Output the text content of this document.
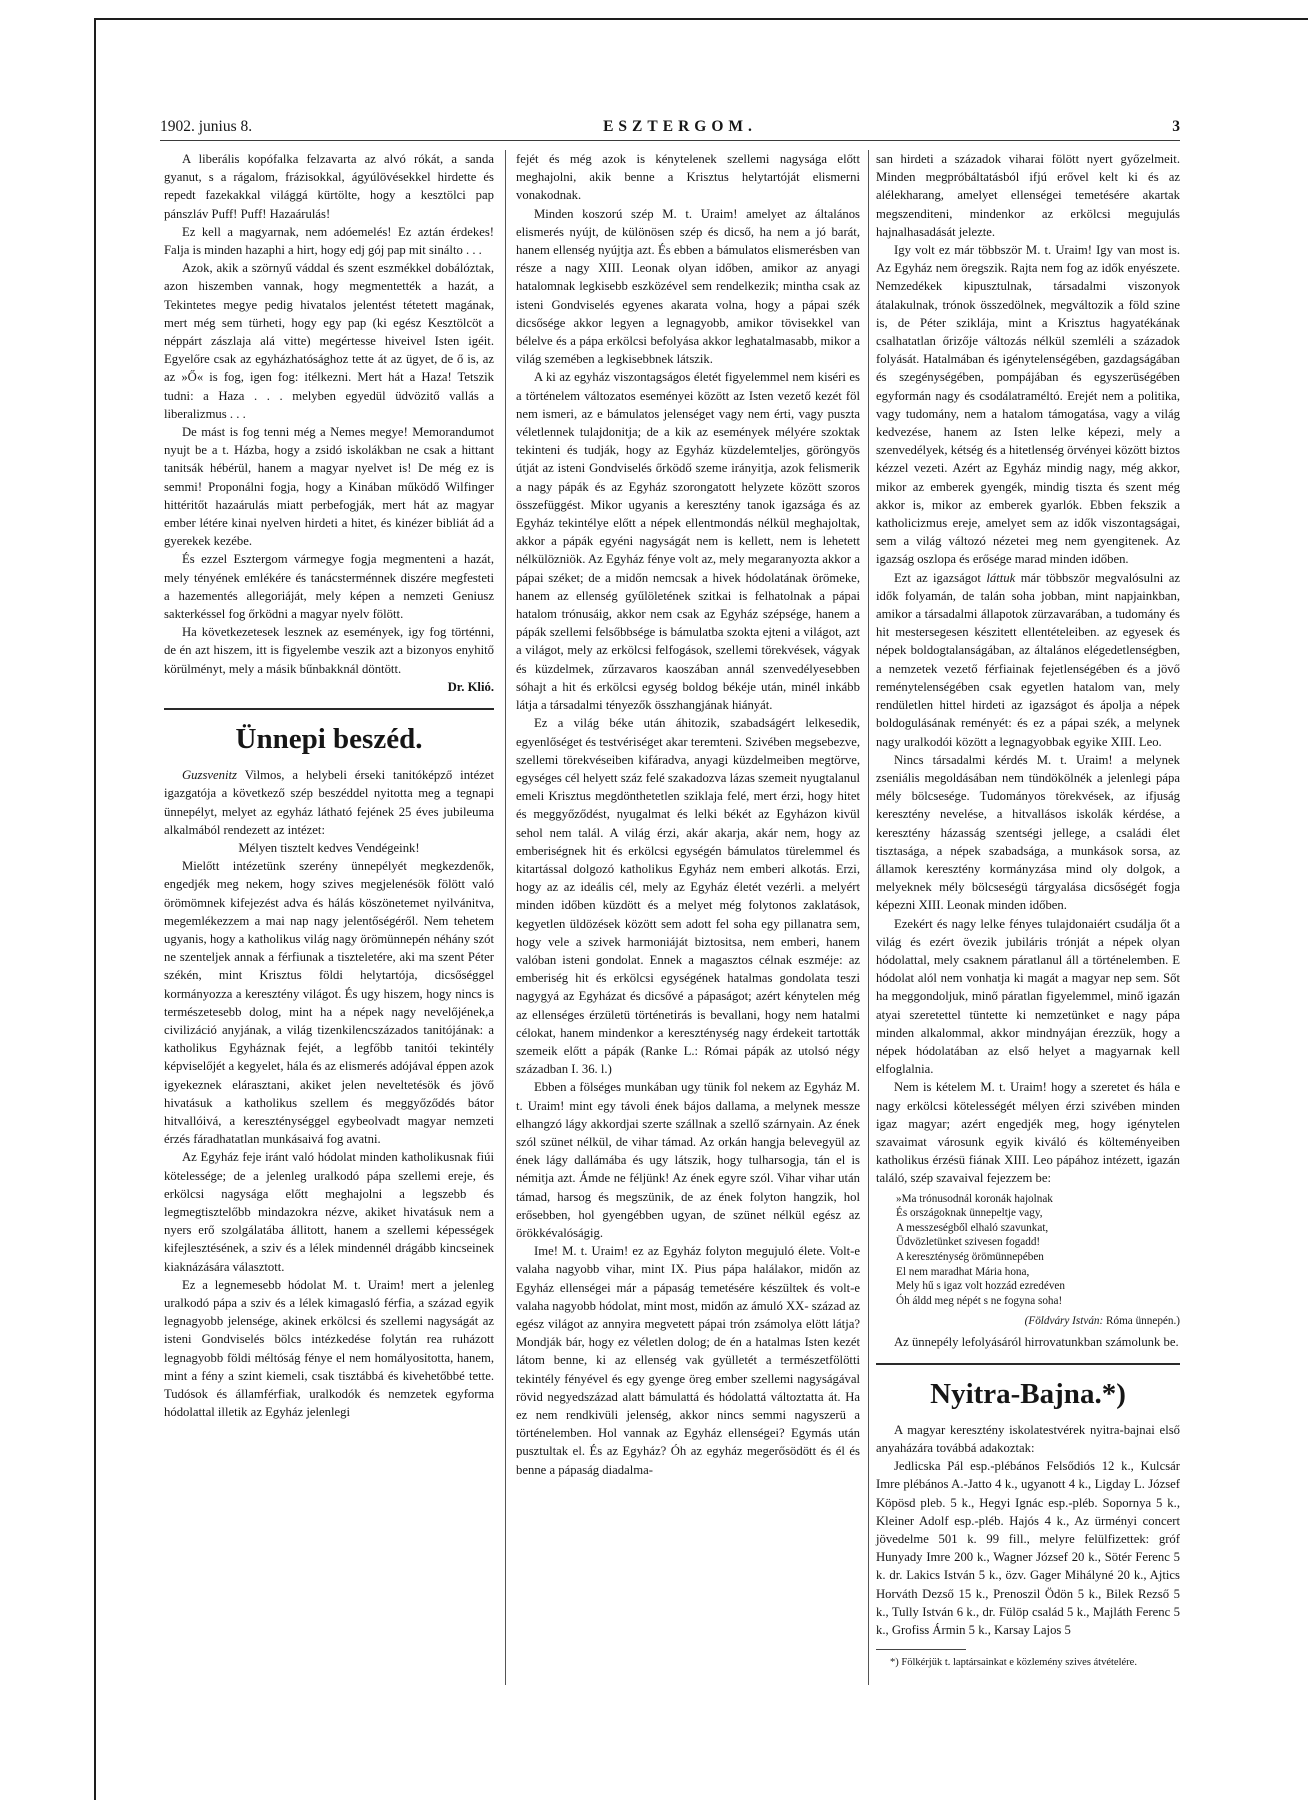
1902. junius 8.	ESZTERGOM.	3

A liberális kopófalka felzavarta az alvó rókát, a sanda gyanut, s a rágalom, frázisokkal, ágyúlövésekkel hirdette és repedt fazekakkal világgá kürtölte, hogy a kesztölci pap pánszláv Puff! Puff! Hazaárulás!

Ez kell a magyarnak, nem adóemelés! Ez aztán érdekes! Falja is minden hazaphi a hirt, hogy edj gój pap mit sinálto . . .

Azok, akik a szörnyű váddal és szent eszmékkel dobálóztak, azon hiszemben vannak, hogy megmentették a hazát, a Tekintetes megye pedig hivatalos jelentést tétetett magának, mert még sem türheti, hogy egy pap (ki egész Kesztölcöt a néppárt zászlaja alá vitte) megértesse hiveivel Isten igéit. Egyelőre csak az egyházhatósághoz tette át az ügyet, de ő is, az az »Ő« is fog, igen fog: itélkezni. Mert hát a Haza! Tetszik tudni: a Haza . . . melyben egyedül üdvözitő vallás a liberalizmus . . .

De mást is fog tenni még a Nemes megye! Memorandumot nyujt be a t. Házba, hogy a zsidó iskolákban ne csak a hittant tanitsák hébérül, hanem a magyar nyelvet is! De még ez is semmi! Proponálni fogja, hogy a Kinában működő Wilfinger hittéritőt hazaárulás miatt perbefogják, mert hát az magyar ember létére kinai nyelven hirdeti a hitet, és kinézer bibliát ád a gyerekek kezébe.

És ezzel Esztergom vármegye fogja megmenteni a hazát, mely tényének emlékére és tanácsterménnek diszére megfesteti a hazementés allegoriáját, mely képen a nemzeti Geniusz sakterkéssel fog őrködni a magyar nyelv fölött.

Ha következetesek lesznek az események, igy fog történni, de én azt hiszem, itt is figyelembe veszik azt a bizonyos enyhitő körülményt, mely a másik bűnbakknál döntött.

Dr. Klió.

Ünnepi beszéd.

Guzsvenitz Vilmos, a helybeli érseki tanitóképző intézet igazgatója a következő szép beszéddel nyitotta meg a tegnapi ünnepélyt, melyet az egyház látható fejének 25 éves jubileuma alkalmából rendezett az intézet:

Mélyen tisztelt kedves Vendégeink!

Mielőtt intézetünk szerény ünnepélyét megkezdenők, engedjék meg nekem, hogy szives megjelenésök fölött való örömömnek kifejezést adva és hálás köszönetemet nyilvánitva, megemlékezzem a mai nap nagy jelentőségéről. Nem tehetem ugyanis, hogy a katholikus világ nagy örömünnepén néhány szót ne szenteljek annak a férfiunak a tiszteletére, aki ma szent Péter székén, mint Krisztus földi helytartója, dicsőséggel kormányozza a keresztény világot. És ugy hiszem, hogy nincs is természetesebb dolog, mint ha a népek nagy nevelőjének,a civilizáció anyjának, a világ tizenkilencszázados tanitójának: a katholikus Egyháznak fejét, a legfőbb tanitói tekintély képviselőjét a kegyelet, hála és az elismerés adójával éppen azok igyekeznek elárasztani, akiket jelen neveltetésök és jövő hivatásuk a katholikus szellem és meggyőződés bátor hitvallóivá, a kereszténységgel egybeolvadt magyar nemzeti érzés fáradhatatlan munkásaivá fog avatni.

Az Egyház feje iránt való hódolat minden katholikusnak fiúi kötelessége; de a jelenleg uralkodó pápa szellemi ereje, és erkölcsi nagysága előtt meghajolni a legszebb és legmegtisztelőbb mindazokra nézve, akiket hivatásuk nem a nyers erő szolgálatába állitott, hanem a szellemi képességek kifejlesztésének, a sziv és a lélek mindennél drágább kincseinek kiaknázására választott.

Ez a legnemesebb hódolat M. t. Uraim! mert a jelenleg uralkodó pápa a sziv és a lélek kimagasló férfia, a század egyik legnagyobb jelensége, akinek erkölcsi és szellemi nagyságát az isteni Gondviselés bölcs intézkedése folytán rea ruházott legnagyobb földi méltóság fénye el nem homályositotta, hanem, mint a fény a szint kiemeli, csak tisztábbá és kivehetőbbé tette. Tudósok és államférfiak, uralkodók és nemzetek egyforma hódolattal illetik az Egyház jelenlegi

fejét és még azok is kénytelenek szellemi nagysága előtt meghajolni, akik benne a Krisztus helytartóját elismerni vonakodnak.

Minden koszorú szép M. t. Uraim! amelyet az általános elismerés nyújt, de különösen szép és dicső, ha nem a jó barát, hanem ellenség nyújtja azt. És ebben a bámulatos elismerésben van része a nagy XIII. Leonak olyan időben, amikor az anyagi hatalomnak legkisebb eszközével sem rendelkezik; mintha csak az isteni Gondviselés egyenes akarata volna, hogy a pápai szék dicsősége akkor legyen a legnagyobb, amikor tövisekkel van bélelve és a pápa erkölcsi befolyása akkor leghatalmasabb, mikor a világ szemében a legkisebbnek látszik.

A ki az egyház viszontagságos életét figyelemmel nem kiséri es a történelem változatos eseményei között az Isten vezető kezét föl nem ismeri, az e bámulatos jelenséget vagy nem érti, vagy puszta véletlennek tulajdonitja; de a kik az események mélyére szoktak tekinteni és tudják, hogy az Egyház küzdelemteljes, göröngyös útját az isteni Gondviselés őrködő szeme irányitja, azok felismerik a nagy pápák és az Egyház szorongatott helyzete között szoros összefüggést. Mikor ugyanis a keresztény tanok igazsága és az Egyház tekintélye előtt a népek ellentmondás nélkül meghajoltak, akkor a pápák egyéni nagyságát nem is kellett, nem is lehetett nélkülözniök. Az Egyház fénye volt az, mely megaranyozta akkor a pápai széket; de a midőn nemcsak a hivek hódolatának örömeke, hanem az ellenség gyűlöletének szitkai is felhatolnak a pápai hatalom trónusáig, akkor nem csak az Egyház szépsége, hanem a pápák szellemi felsőbbsége is bámulatba szokta ejteni a világot, azt a világot, mely az erkölcsi felfogások, szellemi törekvések, vágyak és küzdelmek, zűrzavaros kaoszában annál szenvedélyesebben sóhajt a hit és erkölcsi egység boldog békéje után, minél inkább látja a társadalmi tényezők összhangjának hiányát.

Ez a világ béke után áhitozik, szabadságért lelkesedik, egyenlőséget és testvériséget akar teremteni. Szivében megsebezve, szellemi törekvéseiben kifáradva, anyagi küzdelmeiben megtörve, egységes cél helyett száz felé szakadozva lázas szemeit nyugtalanul emeli Krisztus megdönthetetlen sziklaja felé, mert érzi, hogy hitet és meggyőződést, nyugalmat és lelki békét az Egyházon kivül sehol nem talál. A világ érzi, akár akarja, akár nem, hogy az emberiségnek hit és erkölcsi egységén bámulatos türelemmel és kitartással dolgozó katholikus Egyház nem emberi alkotás. Erzi, hogy az az ideális cél, mely az Egyház életét vezérli. a melyért minden időben küzdött és a melyet még folytonos zaklatások, kegyetlen üldözések között sem adott fel soha egy pillanatra sem, hogy vele a szivek harmoniáját biztositsa, nem emberi, hanem valóban isteni gondolat. Ennek a magasztos célnak eszméje: az emberiség hit és erkölcsi egységének hatalmas gondolata teszi nagygyá az Egyházat és dicsővé a pápaságot; azért kénytelen még az ellenséges érzületü történetirás is bevallani, hogy nem hatalmi célokat, hanem mindenkor a kereszténység nagy érdekeit tartották szemeik előtt a pápák (Ranke L.: Római pápák az utolsó négy században I. 36. l.)

Ebben a fölséges munkában ugy tünik fol nekem az Egyház M. t. Uraim! mint egy távoli ének bájos dallama, a melynek messze elhangzó lágy akkordjai szerte szállnak a szellő szárnyain. Az ének szól szünet nélkül, de vihar támad. Az orkán hangja belevegyül az ének lágy dallámába és ugy látszik, hogy tulharsogja, tán el is némitja azt. Ámde ne féljünk! Az ének egyre szól. Vihar vihar után támad, harsog és megszünik, de az ének folyton hangzik, hol erősebben, hol gyengébben ugyan, de szünet nélkül egész az örökkévalóságig.

Ime! M. t. Uraim! ez az Egyház folyton megujuló élete. Volt-e valaha nagyobb vihar, mint IX. Pius pápa halálakor, midőn az Egyház ellenségei már a pápaság temetésére készültek és volt-e valaha nagyobb hódolat, mint most, midőn az ámuló XX- század az egész világot az annyira megvetett pápai trón zsámolya elött látja? Mondják bár, hogy ez véletlen dolog; de én a hatalmas Isten kezét látom benne, ki az ellenség vak gyülletét a természetfölötti tekintély fényével és egy gyenge öreg ember szellemi nagyságával rövid negyedszázad alatt bámulattá és hódolattá változtatta át. Ha ez nem rendkivüli jelenség, akkor nincs semmi nagyszerü a történelemben. Hol vannak az Egyház ellenségei? Egymás után pusztultak el. És az Egyház? Óh az egyház megerősödött és él és benne a pápaság diadalma-

san hirdeti a századok viharai fölött nyert győzelmeit. Minden megpróbáltatásból ifjú erővel kelt ki és az alélekharang, amelyet ellenségei temetésére akartak megszenditeni, mindenkor az erkölcsi megujulás hajnalhasadását jelezte.

Igy volt ez már többször M. t. Uraim! Igy van most is. Az Egyház nem öregszik. Rajta nem fog az idők enyészete. Nemzedékek kipusztulnak, társadalmi viszonyok átalakulnak, trónok összedölnek, megváltozik a föld szine is, de Péter sziklája, mint a Krisztus hagyatékának csalhatatlan őrizője változás nélkül szemléli a századok folyását. Hatalmában és igénytelenségében, gazdagságában és szegénységében, pompájában és egyszerüségében egyformán nagy és csodálatraméltó. Erejét nem a politika, vagy tudomány, nem a hatalom támogatása, vagy a világ kedvezése, hanem az Isten lelke képezi, mely a szenvedélyek, kétség és a hitetlenség örvényei között biztos kézzel vezeti. Azért az Egyház mindig nagy, még akkor, mikor az emberek gyengék, mindig tiszta és szent még akkor is, mikor az emberek gyarlók. Ebben fekszik a katholicizmus ereje, amelyet sem az idők viszontagságai, sem a világ változó nézetei meg nem gyengitenek. Az igazság oszlopa és erősége marad minden időben.

Ezt az igazságot láttuk már többször megvalósulni az idők folyamán, de talán soha jobban, mint napjainkban, amikor a társadalmi állapotok zürzavarában, a tudomány és hit mestersegesen készitett ellentételeiben. az egyesek és népek boldogtalanságában, az általános elégedetlenségben, a nemzetek vezető férfiainak fejetlenségében és a jövő reménytelenségében csak egyetlen hatalom van, mely rendületlen hittel hirdeti az igazságot és ápolja a népek boldogulásának reményét: és ez a pápai szék, a melynek nagy uralkodói között a legnagyobbak egyike XIII. Leo.

Nincs társadalmi kérdés M. t. Uraim! a melynek zseniális megoldásában nem tündökölnék a jelenlegi pápa mély bölcsesége. Tudományos törekvések, az ifjuság keresztény nevelése, a hitvallásos iskolák kérdése, a keresztény házasság szentségi jellege, a családi élet tisztasága, a népek szabadsága, a munkások sorsa, az államok keresztény kormányzása mind oly dolgok, a melyeknek mély bölcseségü tárgyalása dicsőségét fogja képezni XIII. Leonak minden időben.

Ezekért és nagy lelke fényes tulajdonaiért csudálja őt a világ és ezért övezik jubiláris trónját a népek olyan hódolattal, mely csaknem páratlanul áll a történelemben. E hódolat alól nem vonhatja ki magát a magyar nep sem. Sőt ha meggondoljuk, minő páratlan figyelemmel, minő igazán atyai szeretettel tüntette ki nemzetünket e nagy pápa minden alkalommal, akkor mindnyájan érezzük, hogy a népek hódolatában az első helyet a magyarnak kell elfoglalnia.

Nem is kételem M. t. Uraim! hogy a szeretet és hála e nagy erkölcsi kötelességét mélyen érzi szivében minden igaz magyar; azért engedjék meg, hogy igénytelen szavaimat városunk egyik kiváló és költeményeiben katholikus érzésü fiának XIII. Leo pápához intézett, igazán találó, szép szavaival fejezzem be:

»Ma trónusodnál koronák hajolnak
És országoknak ünnepeltje vagy,
A messzeségből elhaló szavunkat,
Üdvözletünket szivesen fogadd!
A kereszténység örömünnepében
El nem maradhat Mária hona,
Mely hű s igaz volt hozzád ezredéven
Óh áldd meg népét s ne fogyna soha!
(Földváry István: Róma ünnepén.)

Az ünnepély lefolyásáról hirrovatunkban számolunk be.

Nyitra-Bajna.*)

A magyar keresztény iskolatestvérek nyitra-bajnai első anyaházára továbbá adakoztak:

Jedlicska Pál esp.-plébános Felsődiós 12 k., Kulcsár Imre plébános A.-Jatto 4 k., ugyanott 4 k., Ligday L. József Köpösd pleb. 5 k., Hegyi Ignác esp.-pléb. Sopornya 5 k., Kleiner Adolf esp.-pléb. Hajós 4 k., Az ürményi concert jövedelme 501 k. 99 fill., melyre felülfizettek: gróf Hunyady Imre 200 k., Wagner József 20 k., Sötér Ferenc 5 k. dr. Lakics István 5 k., özv. Gager Mihályné 20 k., Ajtics Horváth Dezső 15 k., Prenoszil Ödön 5 k., Bilek Rezső 5 k., Tully István 6 k., dr. Fülöp család 5 k., Majláth Ferenc 5 k., Grofiss Ármin 5 k., Karsay Lajos 5

*) Fölkérjük t. laptársainkat e közlemény szives átvételére.
